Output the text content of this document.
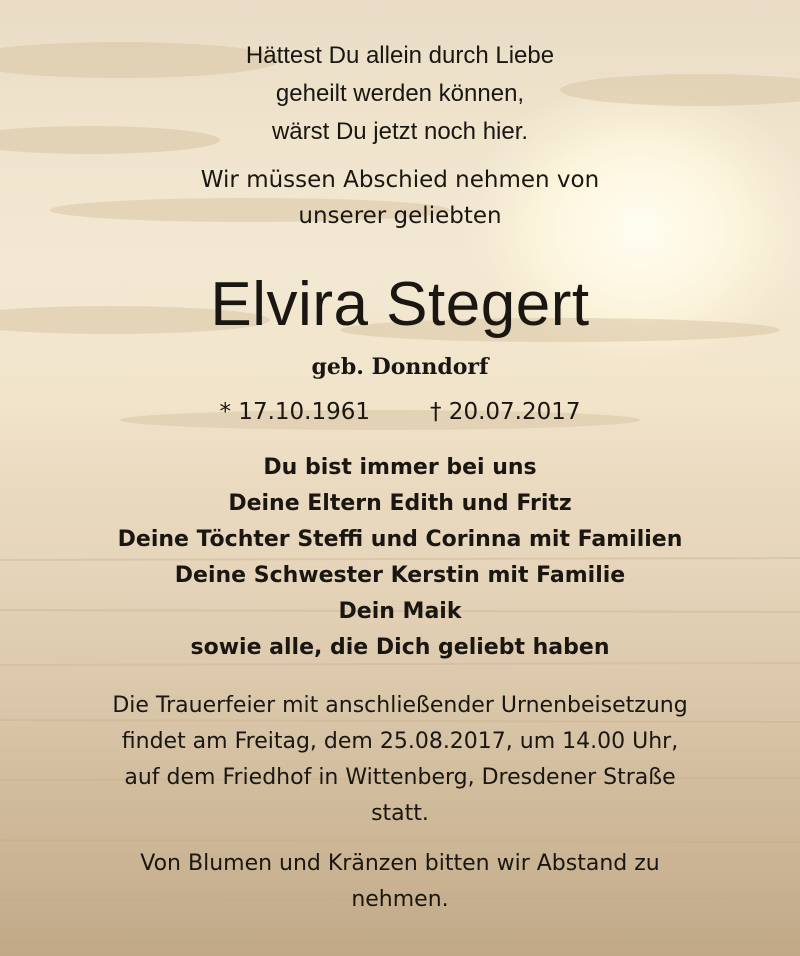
Hättest Du allein durch Liebe
geheilt werden können,
wärst Du jetzt noch hier.
Wir müssen Abschied nehmen von
unserer geliebten
Elvira Stegert
geb. Donndorf
* 17.10.1961	† 20.07.2017
Du bist immer bei uns
Deine Eltern Edith und Fritz
Deine Töchter Steffi und Corinna mit Familien
Deine Schwester Kerstin mit Familie
Dein Maik
sowie alle, die Dich geliebt haben
Die Trauerfeier mit anschließender Urnenbeisetzung
findet am Freitag, dem 25.08.2017, um 14.00 Uhr,
auf dem Friedhof in Wittenberg, Dresdener Straße
statt.
Von Blumen und Kränzen bitten wir Abstand zu
nehmen.
